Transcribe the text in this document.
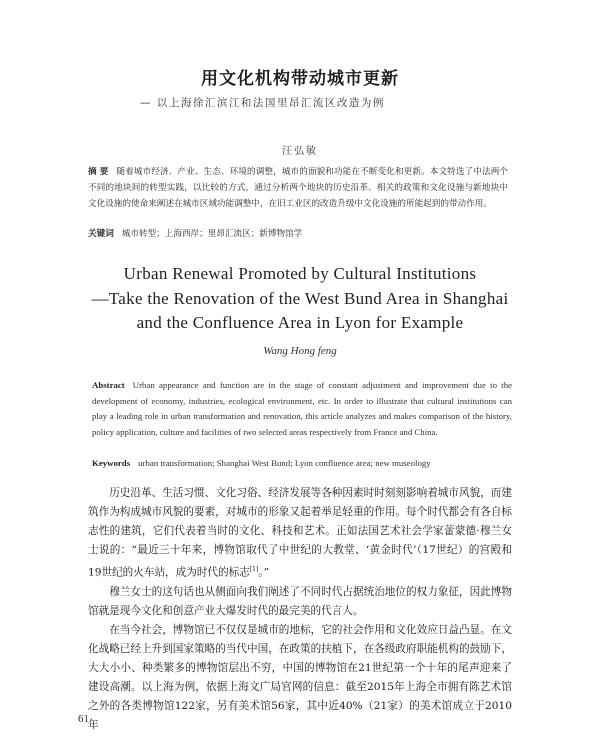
用文化机构带动城市更新
— 以上海徐汇滨江和法国里昂汇流区改造为例
汪弘敏
摘 要 随着城市经济、产业、生态、环境的调整，城市的面貌和功能在不断变化和更新。本文特选了中法两个不同的地块间的转型实践，以比较的方式，通过分析两个地块的历史沿革、相关的政策和文化设施与新地块中文化设施的使命来阐述在城市区域功能调整中，在旧工业区的改造升级中文化设施的所能起到的带动作用。
关键词 城市转型；上海西岸；里昂汇流区；新博物馆学
Urban Renewal Promoted by Cultural Institutions
—Take the Renovation of the West Bund Area in Shanghai
and the Confluence Area in Lyon for Example
Wang Hong feng
Abstract Urban appearance and function are in the stage of constant adjustment and improvement due to the development of economy, industries, ecological environment, etc. In order to illustrate that cultural institutions can play a leading role in urban transformation and renovation, this article analyzes and makes comparison of the history, policy application, culture and facilities of two selected areas respectively from France and China.
Keywords urban transformation; Shanghai West Bund; Lyon confluence area; new museology

历史沿革、生活习惯、文化习俗、经济发展等各种因素时时刻刻影响着城市风貌，而建筑作为构成城市风貌的要素，对城市的形象又起着举足轻重的作用。每个时代都会有各自标志性的建筑，它们代表着当时的文化、科技和艺术。正如法国艺术社会学家蕾蒙德·穆兰女士说的：“最近三十年来，博物馆取代了中世纪的大教堂、‘黄金时代’（17世纪）的宫殿和19世纪的火车站，成为时代的标志[1]。”

穆兰女士的这句话也从侧面向我们阐述了不同时代占据统治地位的权力象征，因此博物馆就是现今文化和创意产业大爆发时代的最完美的代言人。

在当今社会，博物馆已不仅仅是城市的地标，它的社会作用和文化效应日益凸显。在文化战略已经上升到国家策略的当代中国，在政策的扶植下，在各级政府职能机构的鼓励下，大大小小、种类繁多的博物馆层出不穷，中国的博物馆在21世纪第一个十年的尾声迎来了建设高潮。以上海为例，依据上海文广局官网的信息：截至2015年上海全市拥有陈艺术馆之外的各类博物馆122家，另有美术馆56家，其中近40%（21家）的美术馆成立于2010年

61
